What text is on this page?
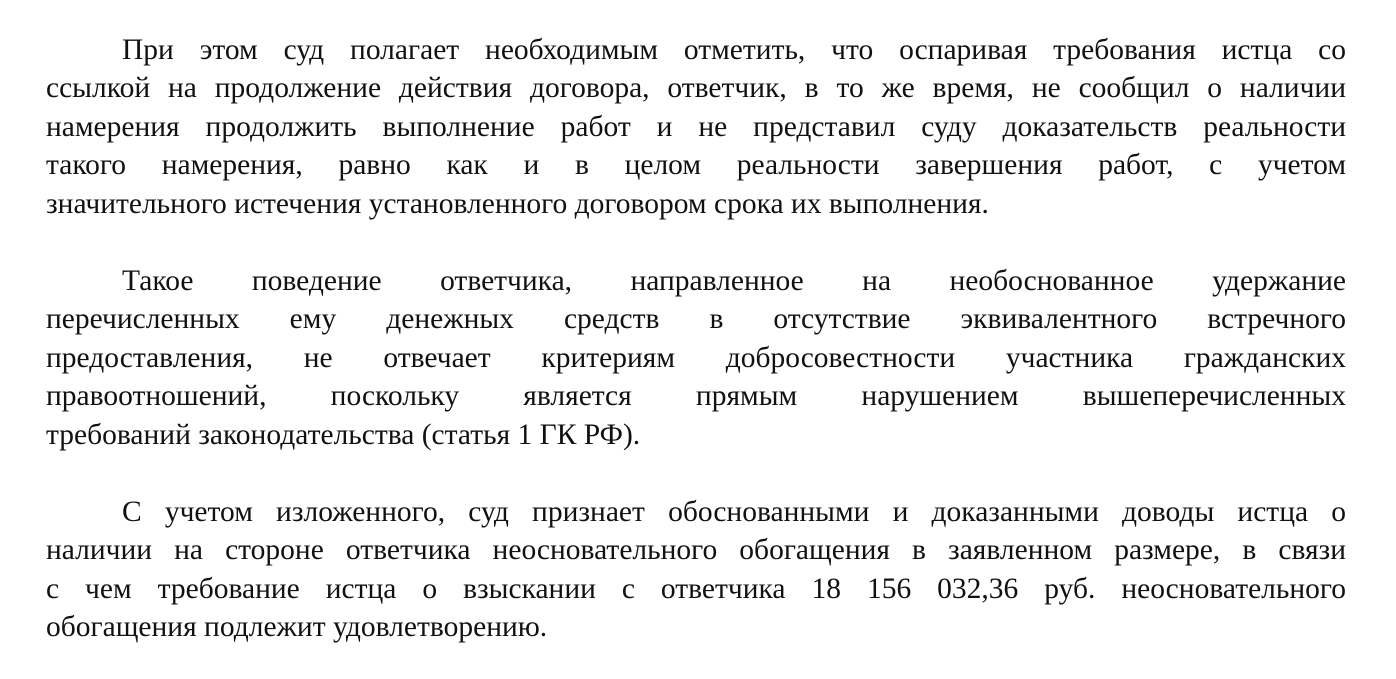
При этом суд полагает необходимым отметить, что оспаривая требования истца со
ссылкой на продолжение действия договора, ответчик, в то же время, не сообщил о наличии
намерения продолжить выполнение работ и не представил суду доказательств реальности
такого намерения, равно как и в целом реальности завершения работ, с учетом
значительного истечения установленного договором срока их выполнения.

Такое поведение ответчика, направленное на необоснованное удержание
перечисленных ему денежных средств в отсутствие эквивалентного встречного
предоставления, не отвечает критериям добросовестности участника гражданских
правоотношений, поскольку является прямым нарушением вышеперечисленных
требований законодательства (статья 1 ГК РФ).

С учетом изложенного, суд признает обоснованными и доказанными доводы истца о
наличии на стороне ответчика неосновательного обогащения в заявленном размере, в связи
с чем требование истца о взыскании с ответчика 18 156 032,36 руб. неосновательного
обогащения подлежит удовлетворению.
